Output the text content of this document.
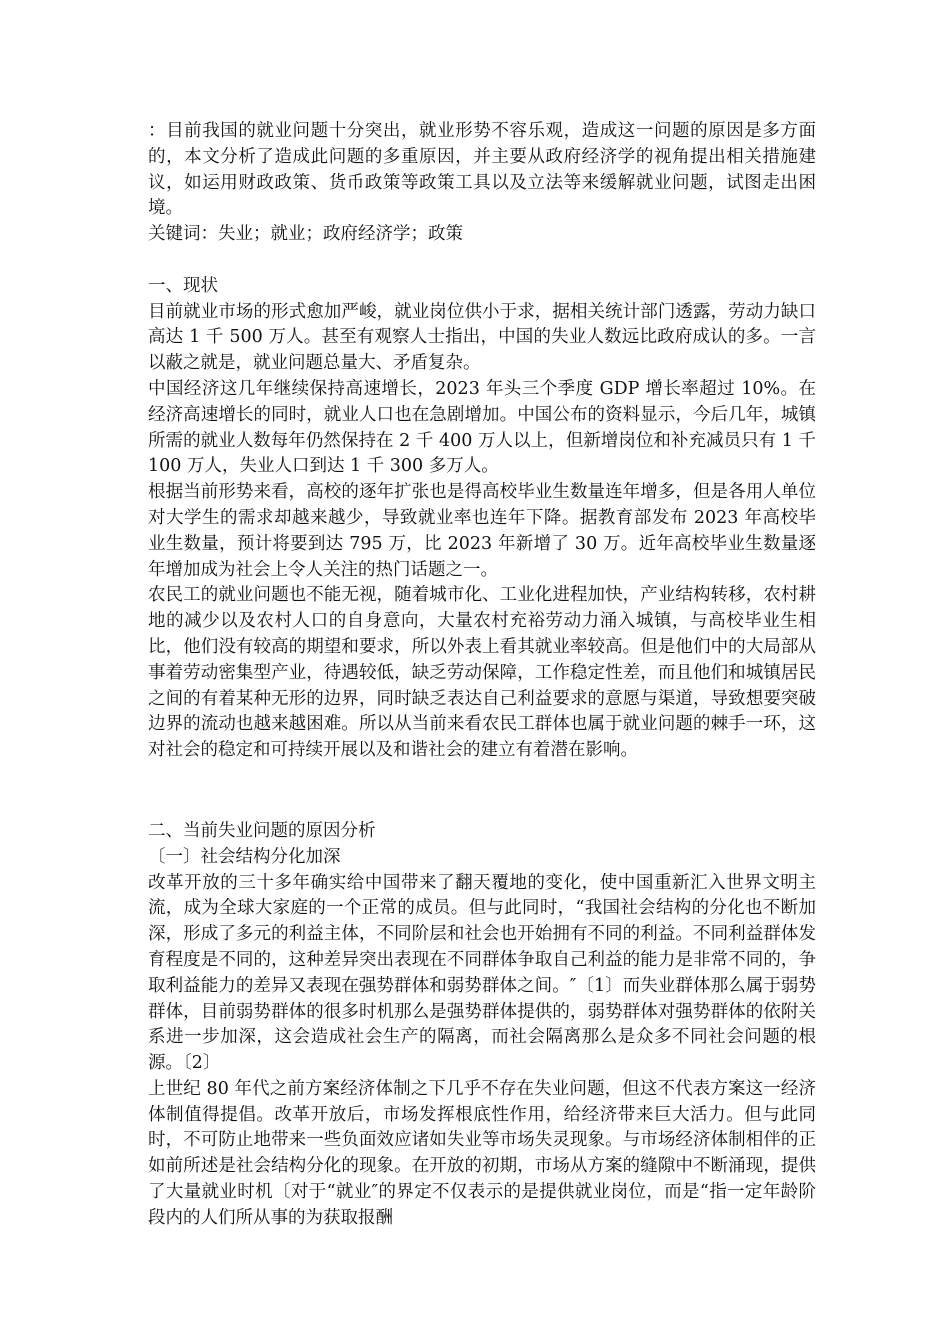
：目前我国的就业问题十分突出，就业形势不容乐观，造成这一问题的原因是多方面的，本文分析了造成此问题的多重原因，并主要从政府经济学的视角提出相关措施建议，如运用财政政策、货币政策等政策工具以及立法等来缓解就业问题，试图走出困境。

关键词：失业；就业；政府经济学；政策

一、现状

目前就业市场的形式愈加严峻，就业岗位供小于求，据相关统计部门透露，劳动力缺口高达 1 千 500 万人。甚至有观察人士指出，中国的失业人数远比政府成认的多。一言以蔽之就是，就业问题总量大、矛盾复杂。

中国经济这几年继续保持高速增长，2023 年头三个季度 GDP 增长率超过 10%。在经济高速增长的同时，就业人口也在急剧增加。中国公布的资料显示，今后几年，城镇所需的就业人数每年仍然保持在 2 千 400 万人以上，但新增岗位和补充减员只有 1 千 100 万人，失业人口到达 1 千 300 多万人。

根据当前形势来看，高校的逐年扩张也是得高校毕业生数量连年增多，但是各用人单位对大学生的需求却越来越少，导致就业率也连年下降。据教育部发布 2023 年高校毕业生数量，预计将要到达 795 万，比 2023 年新增了 30 万。近年高校毕业生数量逐年增加成为社会上令人关注的热门话题之一。

农民工的就业问题也不能无视，随着城市化、工业化进程加快，产业结构转移，农村耕地的减少以及农村人口的自身意向，大量农村充裕劳动力涌入城镇，与高校毕业生相比，他们没有较高的期望和要求，所以外表上看其就业率较高。但是他们中的大局部从事着劳动密集型产业，待遇较低，缺乏劳动保障，工作稳定性差，而且他们和城镇居民之间的有着某种无形的边界，同时缺乏表达自己利益要求的意愿与渠道，导致想要突破边界的流动也越来越困难。所以从当前来看农民工群体也属于就业问题的棘手一环，这对社会的稳定和可持续开展以及和谐社会的建立有着潜在影响。

二、当前失业问题的原因分析

〔一〕社会结构分化加深

改革开放的三十多年确实给中国带来了翻天覆地的变化，使中国重新汇入世界文明主流，成为全球大家庭的一个正常的成员。但与此同时，“我国社会结构的分化也不断加深，形成了多元的利益主体，不同阶层和社会也开始拥有不同的利益。不同利益群体发育程度是不同的，这种差异突出表现在不同群体争取自己利益的能力是非常不同的，争取利益能力的差异又表现在强势群体和弱势群体之间。″〔1〕而失业群体那么属于弱势群体，目前弱势群体的很多时机那么是强势群体提供的，弱势群体对强势群体的依附关系进一步加深，这会造成社会生产的隔离，而社会隔离那么是众多不同社会问题的根源。〔2〕

上世纪 80 年代之前方案经济体制之下几乎不存在失业问题，但这不代表方案这一经济体制值得提倡。改革开放后，市场发挥根底性作用，给经济带来巨大活力。但与此同时，不可防止地带来一些负面效应诸如失业等市场失灵现象。与市场经济体制相伴的正如前所述是社会结构分化的现象。在开放的初期，市场从方案的缝隙中不断涌现，提供了大量就业时机〔对于“就业″的界定不仅表示的是提供就业岗位，而是“指一定年龄阶段内的人们所从事的为获取报酬
